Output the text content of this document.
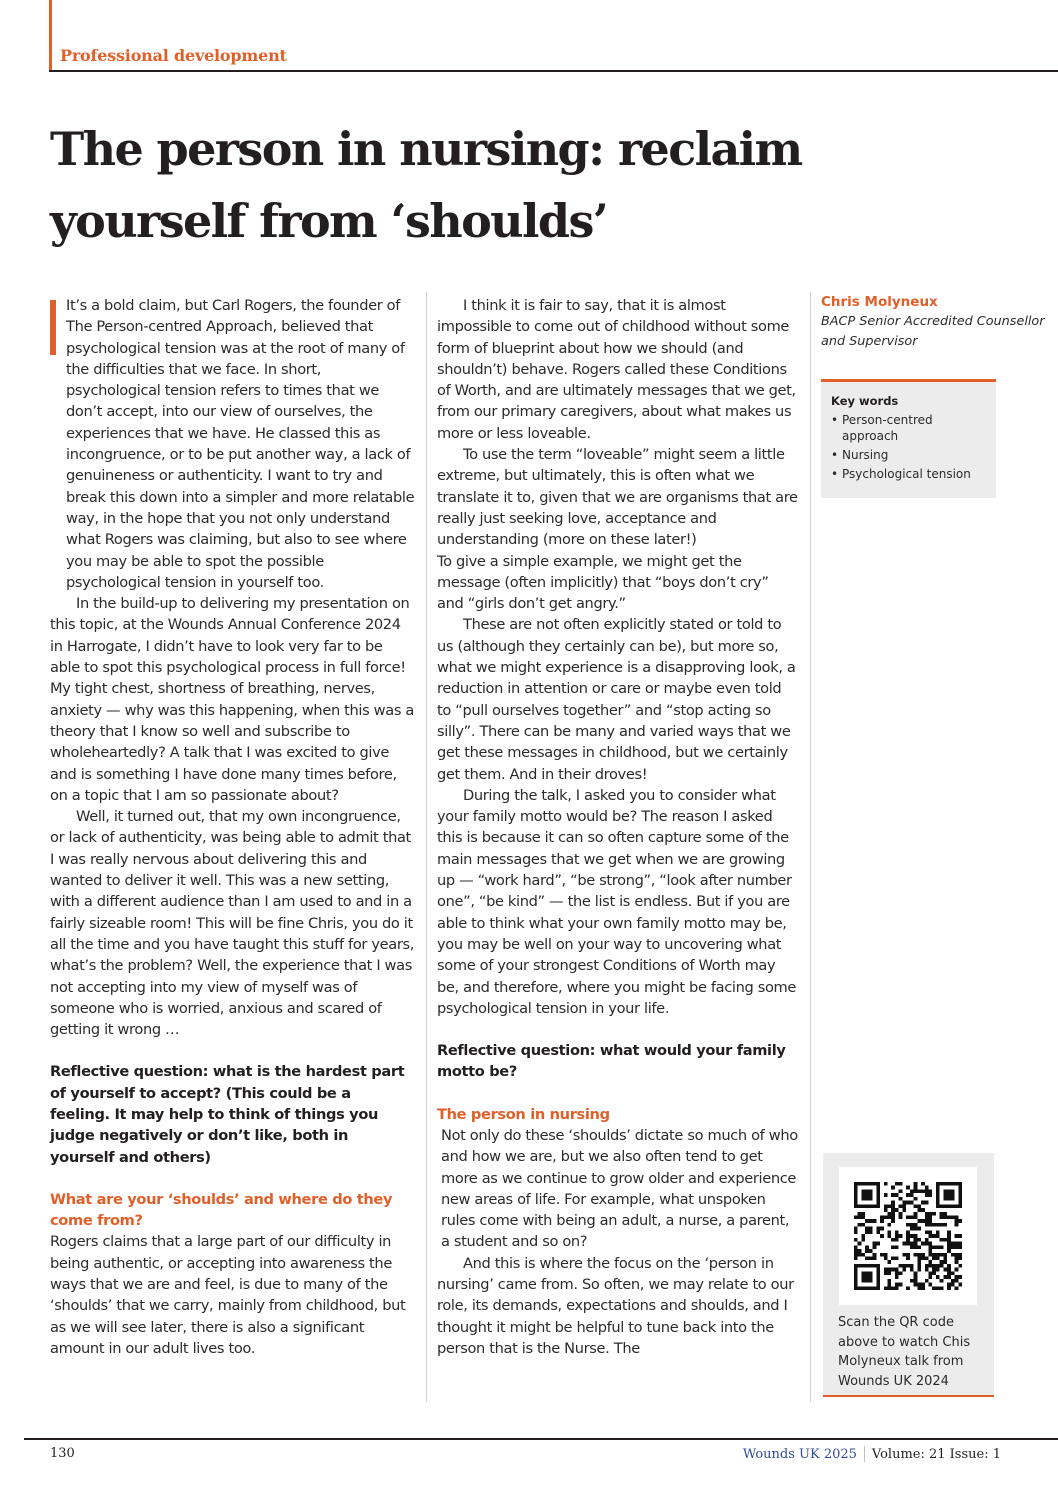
Professional development
The person in nursing: reclaim yourself from ‘shoulds’

It’s a bold claim, but Carl Rogers, the founder of The Person-centred Approach, believed that psychological tension was at the root of many of the difficulties that we face. In short, psychological tension refers to times that we don’t accept, into our view of ourselves, the experiences that we have. He classed this as incongruence, or to be put another way, a lack of genuineness or authenticity. I want to try and break this down into a simpler and more relatable way, in the hope that you not only understand what Rogers was claiming, but also to see where you may be able to spot the possible psychological tension in yourself too.

In the build-up to delivering my presentation on this topic, at the Wounds Annual Conference 2024 in Harrogate, I didn’t have to look very far to be able to spot this psychological process in full force! My tight chest, shortness of breathing, nerves, anxiety — why was this happening, when this was a theory that I know so well and subscribe to wholeheartedly? A talk that I was excited to give and is something I have done many times before, on a topic that I am so passionate about?

Well, it turned out, that my own incongruence, or lack of authenticity, was being able to admit that I was really nervous about delivering this and wanted to deliver it well. This was a new setting, with a different audience than I am used to and in a fairly sizeable room! This will be fine Chris, you do it all the time and you have taught this stuff for years, what’s the problem? Well, the experience that I was not accepting into my view of myself was of someone who is worried, anxious and scared of getting it wrong …

Reflective question: what is the hardest part of yourself to accept? (This could be a feeling. It may help to think of things you judge negatively or don’t like, both in yourself and others)

What are your ‘shoulds’ and where do they come from?

Rogers claims that a large part of our difficulty in being authentic, or accepting into awareness the ways that we are and feel, is due to many of the ‘shoulds’ that we carry, mainly from childhood, but as we will see later, there is also a significant amount in our adult lives too.

I think it is fair to say, that it is almost impossible to come out of childhood without some form of blueprint about how we should (and shouldn’t) behave. Rogers called these Conditions of Worth, and are ultimately messages that we get, from our primary caregivers, about what makes us more or less loveable.

To use the term “loveable” might seem a little extreme, but ultimately, this is often what we translate it to, given that we are organisms that are really just seeking love, acceptance and understanding (more on these later!)

To give a simple example, we might get the message (often implicitly) that “boys don’t cry” and “girls don’t get angry.”

These are not often explicitly stated or told to us (although they certainly can be), but more so, what we might experience is a disapproving look, a reduction in attention or care or maybe even told to “pull ourselves together” and “stop acting so silly”. There can be many and varied ways that we get these messages in childhood, but we certainly get them. And in their droves!

During the talk, I asked you to consider what your family motto would be? The reason I asked this is because it can so often capture some of the main messages that we get when we are growing up — “work hard”, “be strong”, “look after number one”, “be kind” — the list is endless. But if you are able to think what your own family motto may be, you may be well on your way to uncovering what some of your strongest Conditions of Worth may be, and therefore, where you might be facing some psychological tension in your life.

Reflective question: what would your family motto be?

The person in nursing

Not only do these ‘shoulds’ dictate so much of who and how we are, but we also often tend to get more as we continue to grow older and experience new areas of life. For example, what unspoken rules come with being an adult, a nurse, a parent, a student and so on?

And this is where the focus on the ‘person in nursing’ came from. So often, we may relate to our role, its demands, expectations and shoulds, and I thought it might be helpful to tune back into the person that is the Nurse. The

Chris Molyneux
BACP Senior Accredited Counsellor and Supervisor
Key words
• Person-centred approach
• Nursing
• Psychological tension
Scan the QR code above to watch Chis Molyneux talk from Wounds UK 2024
130	Wounds UK 2025 Volume: 21 Issue: 1
